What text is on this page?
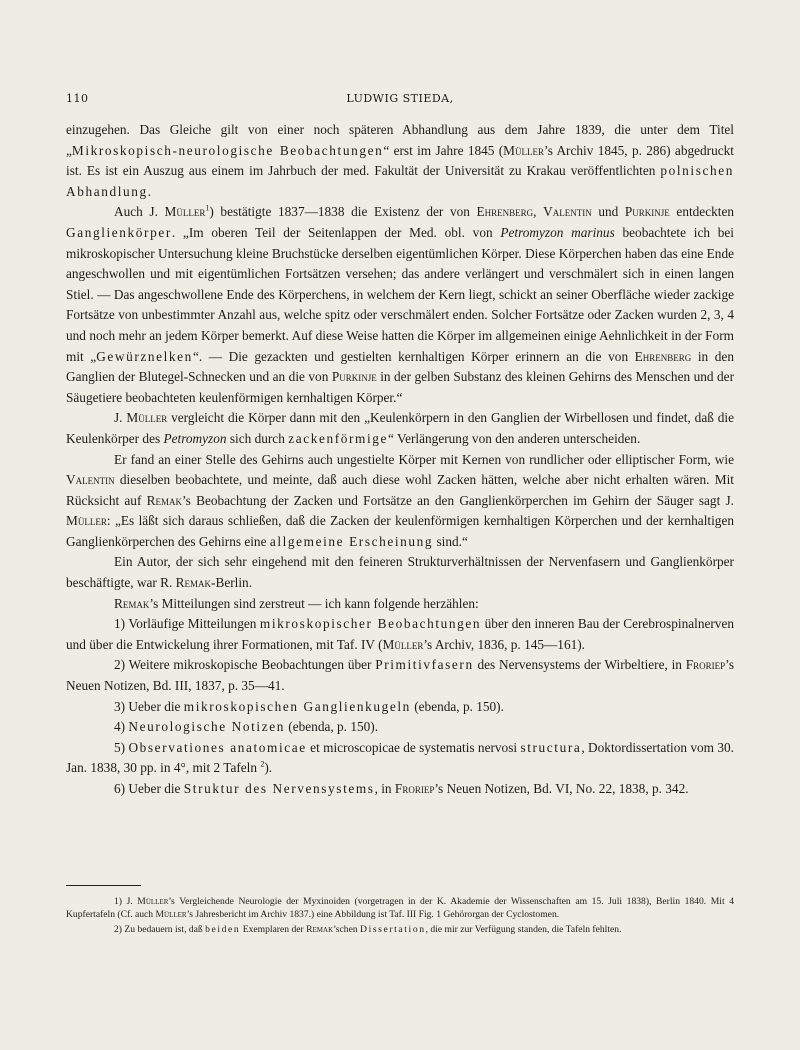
110	LUDWIG STIEDA,

einzugehen. Das Gleiche gilt von einer noch späteren Abhandlung aus dem Jahre 1839, die unter dem Titel „Mikroskopisch-neurologische Beobachtungen“ erst im Jahre 1845 (Müller’s Archiv 1845, p. 286) abgedruckt ist. Es ist ein Auszug aus einem im Jahrbuch der med. Fakultät der Universität zu Krakau veröffentlichten polnischen Abhandlung.

Auch J. Müller$^1$) bestätigte 1837—1838 die Existenz der von Ehrenberg, Valentin und Purkinje entdeckten Ganglienkörper. „Im oberen Teil der Seitenlappen der Med. obl. von Petromyzon marinus beobachtete ich bei mikroskopischer Untersuchung kleine Bruchstücke derselben eigentümlichen Körper. Diese Körperchen haben das eine Ende angeschwollen und mit eigentümlichen Fortsätzen versehen; das andere verlängert und verschmälert sich in einen langen Stiel. — Das angeschwollene Ende des Körperchens, in welchem der Kern liegt, schickt an seiner Oberfläche wieder zackige Fortsätze von unbestimmter Anzahl aus, welche spitz oder verschmälert enden. Solcher Fortsätze oder Zacken wurden 2, 3, 4 und noch mehr an jedem Körper bemerkt. Auf diese Weise hatten die Körper im allgemeinen einige Aehnlichkeit in der Form mit „Gewürznelken“. — Die gezackten und gestielten kernhaltigen Körper erinnern an die von Ehrenberg in den Ganglien der Blutegel-Schnecken und an die von Purkinje in der gelben Substanz des kleinen Gehirns des Menschen und der Säugetiere beobachteten keulenförmigen kernhaltigen Körper.“

J. Müller vergleicht die Körper dann mit den „Keulenkörpern in den Ganglien der Wirbellosen und findet, daß die Keulenkörper des Petromyzon sich durch zackenförmige“ Verlängerung von den anderen unterscheiden.

Er fand an einer Stelle des Gehirns auch ungestielte Körper mit Kernen von rundlicher oder elliptischer Form, wie Valentin dieselben beobachtete, und meinte, daß auch diese wohl Zacken hätten, welche aber nicht erhalten wären. Mit Rücksicht auf Remak’s Beobachtung der Zacken und Fortsätze an den Ganglienkörperchen im Gehirn der Säuger sagt J. Müller: „Es läßt sich daraus schließen, daß die Zacken der keulenförmigen kernhaltigen Körperchen und der kernhaltigen Ganglienkörperchen des Gehirns eine allgemeine Erscheinung sind.“

Ein Autor, der sich sehr eingehend mit den feineren Strukturverhältnissen der Nervenfasern und Ganglienkörper beschäftigte, war R. Remak-Berlin.

Remak’s Mitteilungen sind zerstreut — ich kann folgende herzählen:

1) Vorläufige Mitteilungen mikroskopischer Beobachtungen über den inneren Bau der Cerebrospinalnerven und über die Entwickelung ihrer Formationen, mit Taf. IV (Müller’s Archiv, 1836, p. 145—161).

2) Weitere mikroskopische Beobachtungen über Primitivfasern des Nervensystems der Wirbeltiere, in Froriep’s Neuen Notizen, Bd. III, 1837, p. 35—41.

3) Ueber die mikroskopischen Ganglienkugeln (ebenda, p. 150).

4) Neurologische Notizen (ebenda, p. 150).

5) Observationes anatomicae et microscopicae de systematis nervosi structura, Doktordissertation vom 30. Jan. 1838, 30 pp. in 4°, mit 2 Tafeln $^2$).

6) Ueber die Struktur des Nervensystems, in Froriep’s Neuen Notizen, Bd. VI, No. 22, 1838, p. 342.

1) J. Müller’s Vergleichende Neurologie der Myxinoiden (vorgetragen in der K. Akademie der Wissenschaften am 15. Juli 1838), Berlin 1840. Mit 4 Kupfertafeln (Cf. auch Müller’s Jahresbericht im Archiv 1837.) eine Abbildung ist Taf. III Fig. 1 Gehörorgan der Cyclostomen.

2) Zu bedauern ist, daß beiden Exemplaren der Remak’schen Dissertation, die mir zur Verfügung standen, die Tafeln fehlten.
